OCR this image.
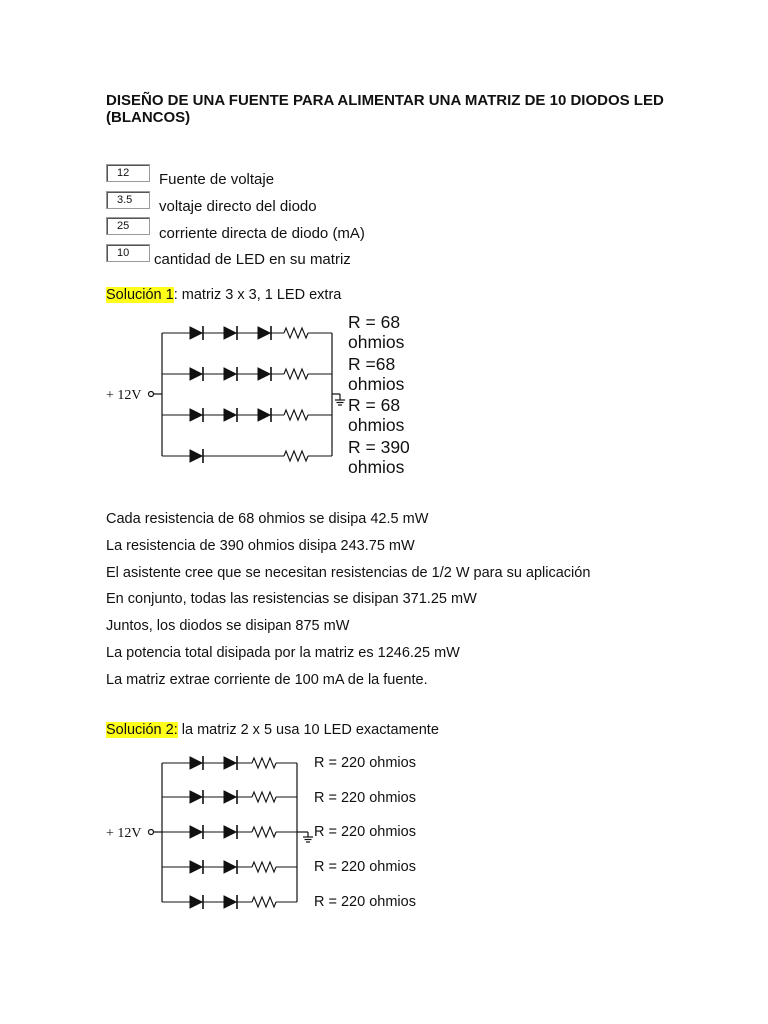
DISEÑO DE UNA FUENTE PARA ALIMENTAR UNA MATRIZ DE 10 DIODOS LED (BLANCOS)
12	Fuente de voltaje
3.5	voltaje directo del diodo
25	corriente directa de diodo (mA)
10	cantidad de LED en su matriz
Solución 1: matriz 3 x 3, 1 LED extra
+ 12V
R = 68 ohmios
R =68 ohmios
R = 68 ohmios
R = 390 ohmios
Cada resistencia de 68 ohmios se disipa 42.5 mW
La resistencia de 390 ohmios disipa 243.75 mW
El asistente cree que se necesitan resistencias de 1/2 W para su aplicación
En conjunto, todas las resistencias se disipan 371.25 mW
Juntos, los diodos se disipan 875 mW
La potencia total disipada por la matriz es 1246.25 mW
La matriz extrae corriente de 100 mA de la fuente.
Solución 2: la matriz 2 x 5 usa 10 LED exactamente
+ 12V
R = 220 ohmios
R = 220 ohmios
R = 220 ohmios
R = 220 ohmios
R = 220 ohmios
